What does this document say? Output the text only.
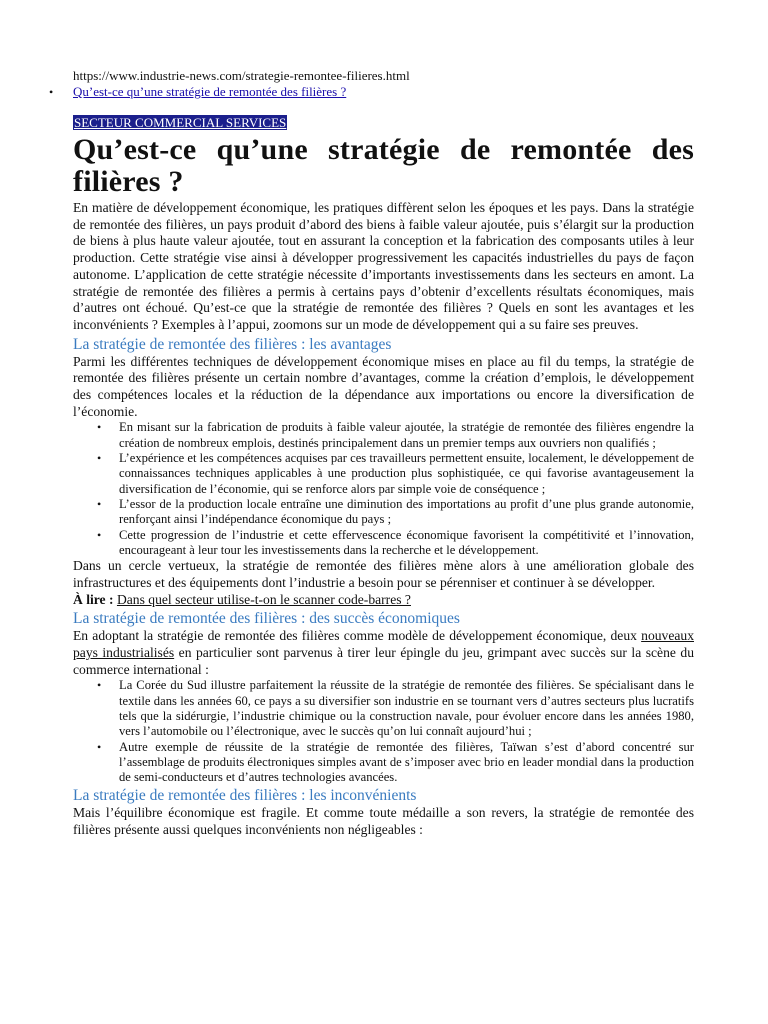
https://www.industrie-news.com/strategie-remontee-filieres.html

• Qu’est-ce qu’une stratégie de remontée des filières ?

SECTEUR COMMERCIAL SERVICES
Qu’est-ce qu’une stratégie de remontée des filières ?

En matière de développement économique, les pratiques diffèrent selon les époques et les pays. Dans la stratégie de remontée des filières, un pays produit d’abord des biens à faible valeur ajoutée, puis s’élargit sur la production de biens à plus haute valeur ajoutée, tout en assurant la conception et la fabrication des composants utiles à leur production. Cette stratégie vise ainsi à développer progressivement les capacités industrielles du pays de façon autonome. L’application de cette stratégie nécessite d’importants investissements dans les secteurs en amont. La stratégie de remontée des filières a permis à certains pays d’obtenir d’excellents résultats économiques, mais d’autres ont échoué. Qu’est-ce que la stratégie de remontée des filières ? Quels en sont les avantages et les inconvénients ? Exemples à l’appui, zoomons sur un mode de développement qui a su faire ses preuves.

La stratégie de remontée des filières : les avantages

Parmi les différentes techniques de développement économique mises en place au fil du temps, la stratégie de remontée des filières présente un certain nombre d’avantages, comme la création d’emplois, le développement des compétences locales et la réduction de la dépendance aux importations ou encore la diversification de l’économie.

• En misant sur la fabrication de produits à faible valeur ajoutée, la stratégie de remontée des filières engendre la création de nombreux emplois, destinés principalement dans un premier temps aux ouvriers non qualifiés ;
• L’expérience et les compétences acquises par ces travailleurs permettent ensuite, localement, le développement de connaissances techniques applicables à une production plus sophistiquée, ce qui favorise avantageusement la diversification de l’économie, qui se renforce alors par simple voie de conséquence ;
• L’essor de la production locale entraîne une diminution des importations au profit d’une plus grande autonomie, renforçant ainsi l’indépendance économique du pays ;
• Cette progression de l’industrie et cette effervescence économique favorisent la compétitivité et l’innovation, encourageant à leur tour les investissements dans la recherche et le développement.

Dans un cercle vertueux, la stratégie de remontée des filières mène alors à une amélioration globale des infrastructures et des équipements dont l’industrie a besoin pour se pérenniser et continuer à se développer.

À lire : Dans quel secteur utilise-t-on le scanner code-barres ?

La stratégie de remontée des filières : des succès économiques

En adoptant la stratégie de remontée des filières comme modèle de développement économique, deux nouveaux pays industrialisés en particulier sont parvenus à tirer leur épingle du jeu, grimpant avec succès sur la scène du commerce international :

• La Corée du Sud illustre parfaitement la réussite de la stratégie de remontée des filières. Se spécialisant dans le textile dans les années 60, ce pays a su diversifier son industrie en se tournant vers d’autres secteurs plus lucratifs tels que la sidérurgie, l’industrie chimique ou la construction navale, pour évoluer encore dans les années 1980, vers l’automobile ou l’électronique, avec le succès qu’on lui connaît aujourd’hui ;
• Autre exemple de réussite de la stratégie de remontée des filières, Taïwan s’est d’abord concentré sur l’assemblage de produits électroniques simples avant de s’imposer avec brio en leader mondial dans la production de semi-conducteurs et d’autres technologies avancées.
La stratégie de remontée des filières : les inconvénients

Mais l’équilibre économique est fragile. Et comme toute médaille a son revers, la stratégie de remontée des filières présente aussi quelques inconvénients non négligeables :
